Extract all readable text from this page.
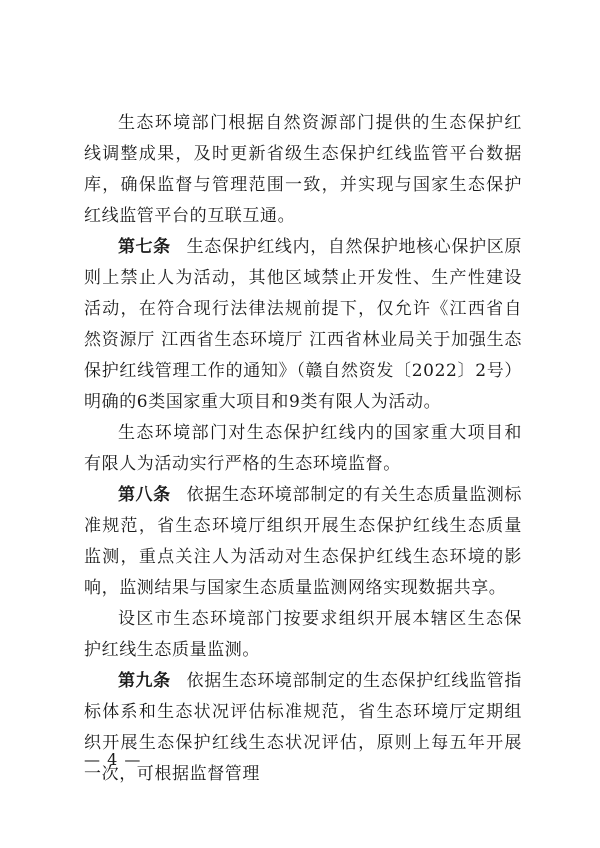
生态环境部门根据自然资源部门提供的生态保护红线调整成果，及时更新省级生态保护红线监管平台数据库，确保监督与管理范围一致，并实现与国家生态保护红线监管平台的互联互通。

第七条 生态保护红线内，自然保护地核心保护区原则上禁止人为活动，其他区域禁止开发性、生产性建设活动，在符合现行法律法规前提下，仅允许《江西省自然资源厅 江西省生态环境厅 江西省林业局关于加强生态保护红线管理工作的通知》（赣自然资发〔2022〕2号）明确的6类国家重大项目和9类有限人为活动。

生态环境部门对生态保护红线内的国家重大项目和有限人为活动实行严格的生态环境监督。

第八条 依据生态环境部制定的有关生态质量监测标准规范，省生态环境厅组织开展生态保护红线生态质量监测，重点关注人为活动对生态保护红线生态环境的影响，监测结果与国家生态质量监测网络实现数据共享。

设区市生态环境部门按要求组织开展本辖区生态保护红线生态质量监测。

第九条 依据生态环境部制定的生态保护红线监管指标体系和生态状况评估标准规范，省生态环境厅定期组织开展生态保护红线生态状况评估，原则上每五年开展一次，可根据监督管理

— 4 —
